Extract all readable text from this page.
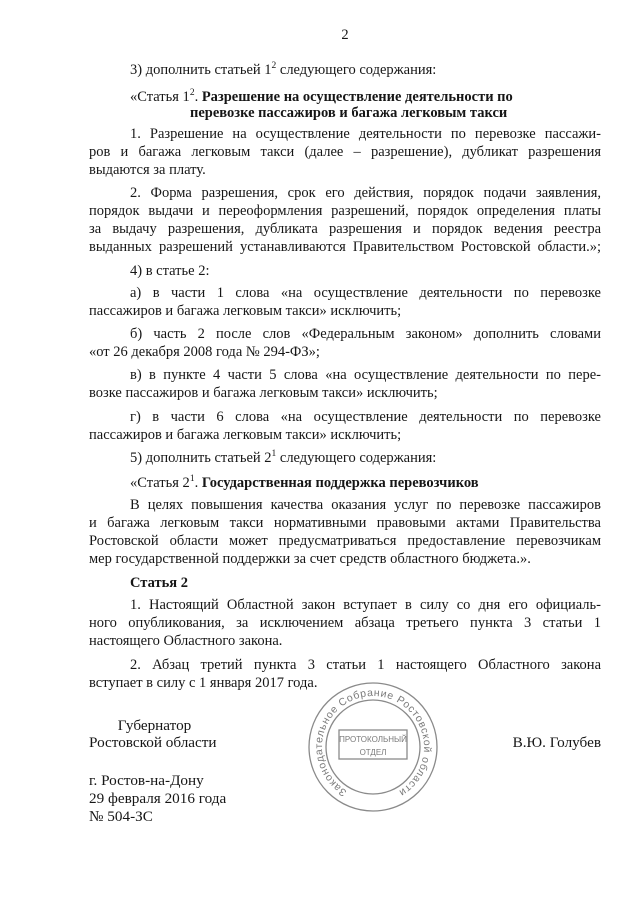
2
3) дополнить статьей $1^2$ следующего содержания:
«Статья $1^2$. Разрешение на осуществление деятельности по
перевозке пассажиров и багажа легковым такси
1. Разрешение на осуществление деятельности по перевозке пассажи-
ров и багажа легковым такси (далее – разрешение), дубликат разрешения
выдаются за плату.
2. Форма разрешения, срок его действия, порядок подачи заявления,
порядок выдачи и переоформления разрешений, порядок определения платы
за выдачу разрешения, дубликата разрешения и порядок ведения реестра
выданных разрешений устанавливаются Правительством Ростовской области.»;
4) в статье 2:
а) в части 1 слова «на осуществление деятельности по перевозке
пассажиров и багажа легковым такси» исключить;
б) часть 2 после слов «Федеральным законом» дополнить словами
«от 26 декабря 2008 года № 294-ФЗ»;
в) в пункте 4 части 5 слова «на осуществление деятельности по пере-
возке пассажиров и багажа легковым такси» исключить;
г) в части 6 слова «на осуществление деятельности по перевозке
пассажиров и багажа легковым такси» исключить;
5) дополнить статьей $2^1$ следующего содержания:
«Статья $2^1$. Государственная поддержка перевозчиков
В целях повышения качества оказания услуг по перевозке пассажиров
и багажа легковым такси нормативными правовыми актами Правительства
Ростовской области может предусматриваться предоставление перевозчикам
мер государственной поддержки за счет средств областного бюджета.».
Статья 2
1. Настоящий Областной закон вступает в силу со дня его официаль-
ного опубликования, за исключением абзаца третьего пункта 3 статьи 1
настоящего Областного закона.
2. Абзац третий пункта 3 статьи 1 настоящего Областного закона
вступает в силу с 1 января 2017 года.
Губернатор
Ростовской области	В.Ю. Голубев
Законодательное Собрание Ростовской области
ПРОТОКОЛЬНЫЙ
ОТДЕЛ
г. Ростов-на-Дону
29 февраля 2016 года
№ 504-ЗС
